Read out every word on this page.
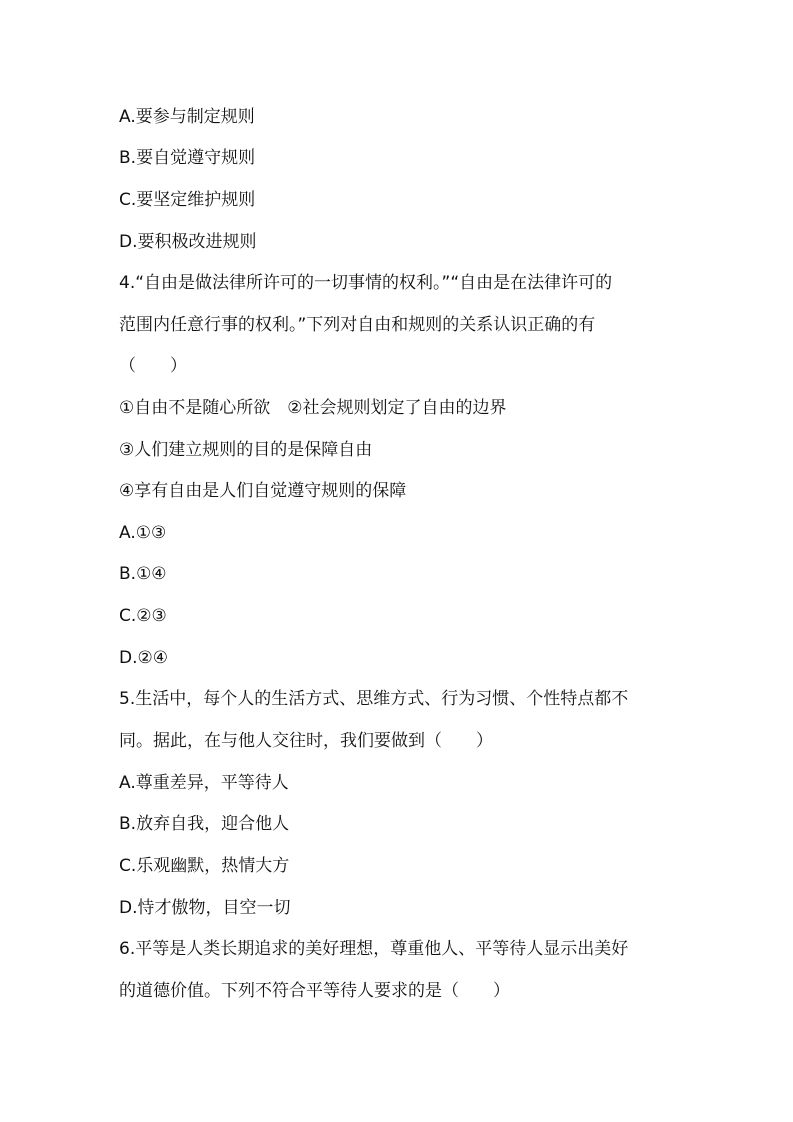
A.要参与制定规则
B.要自觉遵守规则
C.要坚定维护规则
D.要积极改进规则
4.“自由是做法律所许可的一切事情的权利。”“自由是在法律许可的
范围内任意行事的权利。”下列对自由和规则的关系认识正确的有
（　　）
①自由不是随心所欲　②社会规则划定了自由的边界
③人们建立规则的目的是保障自由
④享有自由是人们自觉遵守规则的保障
A.①③
B.①④
C.②③
D.②④
5.生活中，每个人的生活方式、思维方式、行为习惯、个性特点都不
同。据此，在与他人交往时，我们要做到（　　）
A.尊重差异，平等待人
B.放弃自我，迎合他人
C.乐观幽默，热情大方
D.恃才傲物，目空一切
6.平等是人类长期追求的美好理想，尊重他人、平等待人显示出美好
的道德价值。下列不符合平等待人要求的是（　　）
